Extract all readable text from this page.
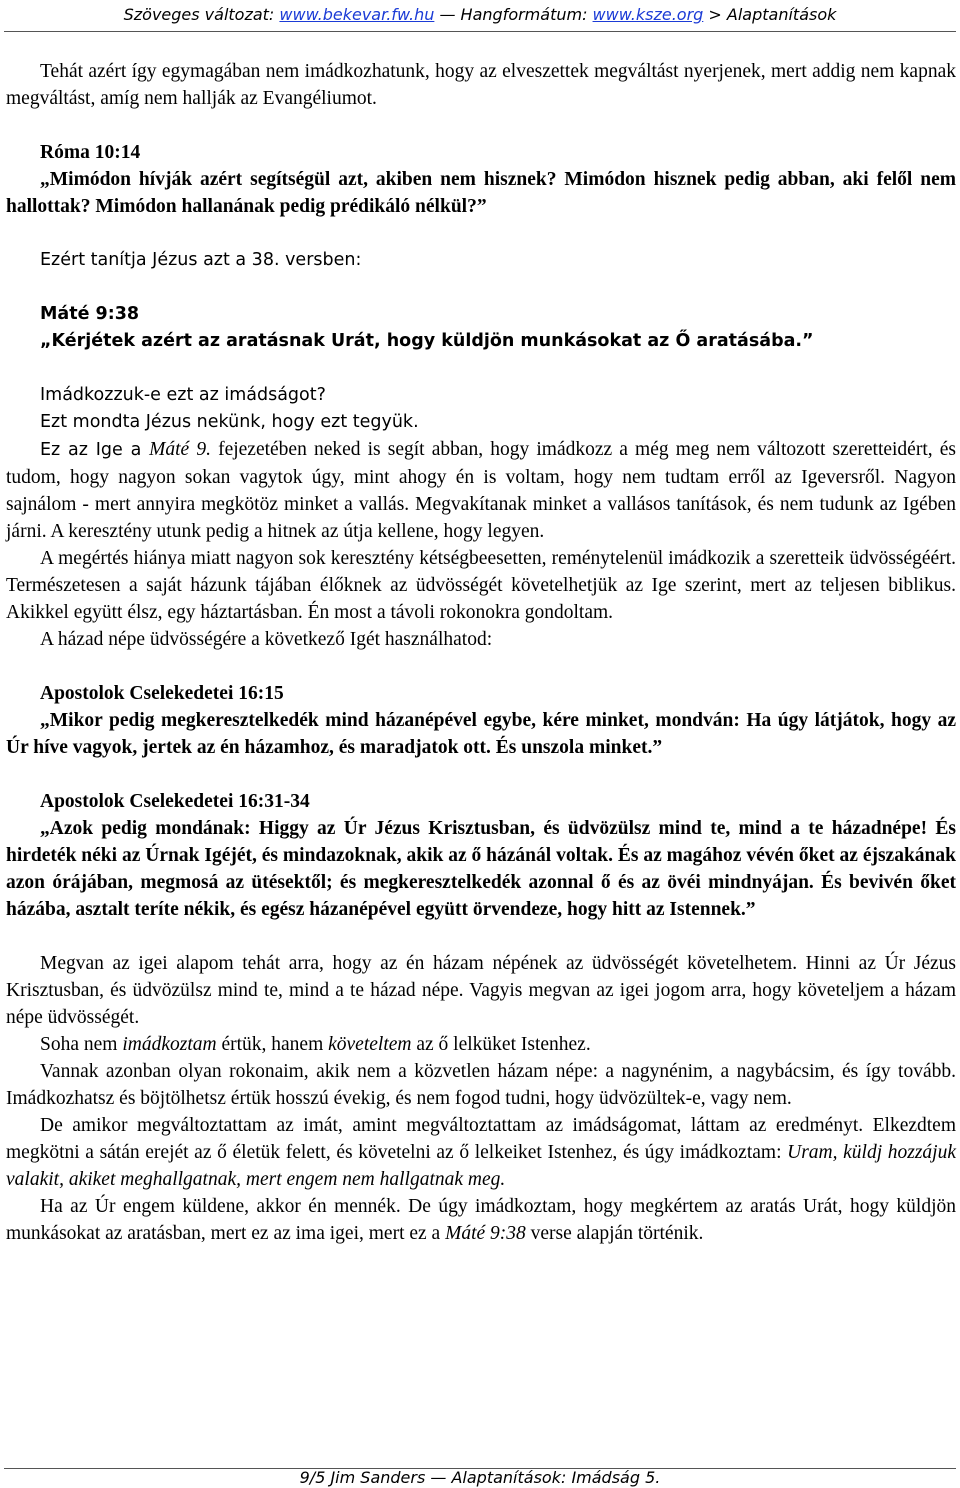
Szöveges változat: www.bekevar.fw.hu — Hangformátum: www.ksze.org > Alaptanítások

Tehát azért így egymagában nem imádkozhatunk, hogy az elveszettek megváltást nyerjenek, mert addig nem kapnak megváltást, amíg nem hallják az Evangéliumot.

Róma 10:14

„Mimódon hívják azért segítségül azt, akiben nem hisznek? Mimódon hisznek pedig abban, aki felől nem hallottak? Mimódon hallanának pedig prédikáló nélkül?”

Ezért tanítja Jézus azt a 38. versben:

Máté 9:38

„Kérjétek azért az aratásnak Urát, hogy küldjön munkásokat az Ő aratásába.”

Imádkozzuk-e ezt az imádságot?

Ezt mondta Jézus nekünk, hogy ezt tegyük.

Ez az Ige a Máté 9. fejezetében neked is segít abban, hogy imádkozz a még meg nem változott szeretteidért, és tudom, hogy nagyon sokan vagytok úgy, mint ahogy én is voltam, hogy nem tudtam erről az Igeversről. Nagyon sajnálom - mert annyira megkötöz minket a vallás. Megvakítanak minket a vallásos tanítások, és nem tudunk az Igében járni. A keresztény utunk pedig a hitnek az útja kellene, hogy legyen.

A megértés hiánya miatt nagyon sok keresztény kétségbeesetten, reménytelenül imádkozik a szeretteik üdvösségéért. Természetesen a saját házunk tájában élőknek az üdvösségét követelhetjük az Ige szerint, mert az teljesen biblikus. Akikkel együtt élsz, egy háztartásban. Én most a távoli rokonokra gondoltam.

A házad népe üdvösségére a következő Igét használhatod:

Apostolok Cselekedetei 16:15

„Mikor pedig megkeresztelkedék mind házanépével egybe, kére minket, mondván: Ha úgy látjátok, hogy az Úr híve vagyok, jertek az én házamhoz, és maradjatok ott. És unszola minket.”

Apostolok Cselekedetei 16:31-34

„Azok pedig mondának: Higgy az Úr Jézus Krisztusban, és üdvözülsz mind te, mind a te házadnépe! És hirdeték néki az Úrnak Igéjét, és mindazoknak, akik az ő házánál voltak. És az magához vévén őket az éjszakának azon órájában, megmosá az ütésektől; és megkeresztelkedék azonnal ő és az övéi mindnyájan. És bevivén őket házába, asztalt teríte nékik, és egész házanépével együtt örvendeze, hogy hitt az Istennek.”

Megvan az igei alapom tehát arra, hogy az én házam népének az üdvösségét követelhetem. Hinni az Úr Jézus Krisztusban, és üdvözülsz mind te, mind a te házad népe. Vagyis megvan az igei jogom arra, hogy követeljem a házam népe üdvösségét.

Soha nem imádkoztam értük, hanem követeltem az ő lelküket Istenhez.

Vannak azonban olyan rokonaim, akik nem a közvetlen házam népe: a nagynénim, a nagybácsim, és így tovább. Imádkozhatsz és böjtölhetsz értük hosszú évekig, és nem fogod tudni, hogy üdvözültek-e, vagy nem.

De amikor megváltoztattam az imát, amint megváltoztattam az imádságomat, láttam az eredményt. Elkezdtem megkötni a sátán erejét az ő életük felett, és követelni az ő lelkeiket Istenhez, és úgy imádkoztam: Uram, küldj hozzájuk valakit, akiket meghallgatnak, mert engem nem hallgatnak meg.

Ha az Úr engem küldene, akkor én mennék. De úgy imádkoztam, hogy megkértem az aratás Urát, hogy küldjön munkásokat az aratásban, mert ez az ima igei, mert ez a Máté 9:38 verse alapján történik.

9/5 Jim Sanders — Alaptanítások: Imádság 5.
